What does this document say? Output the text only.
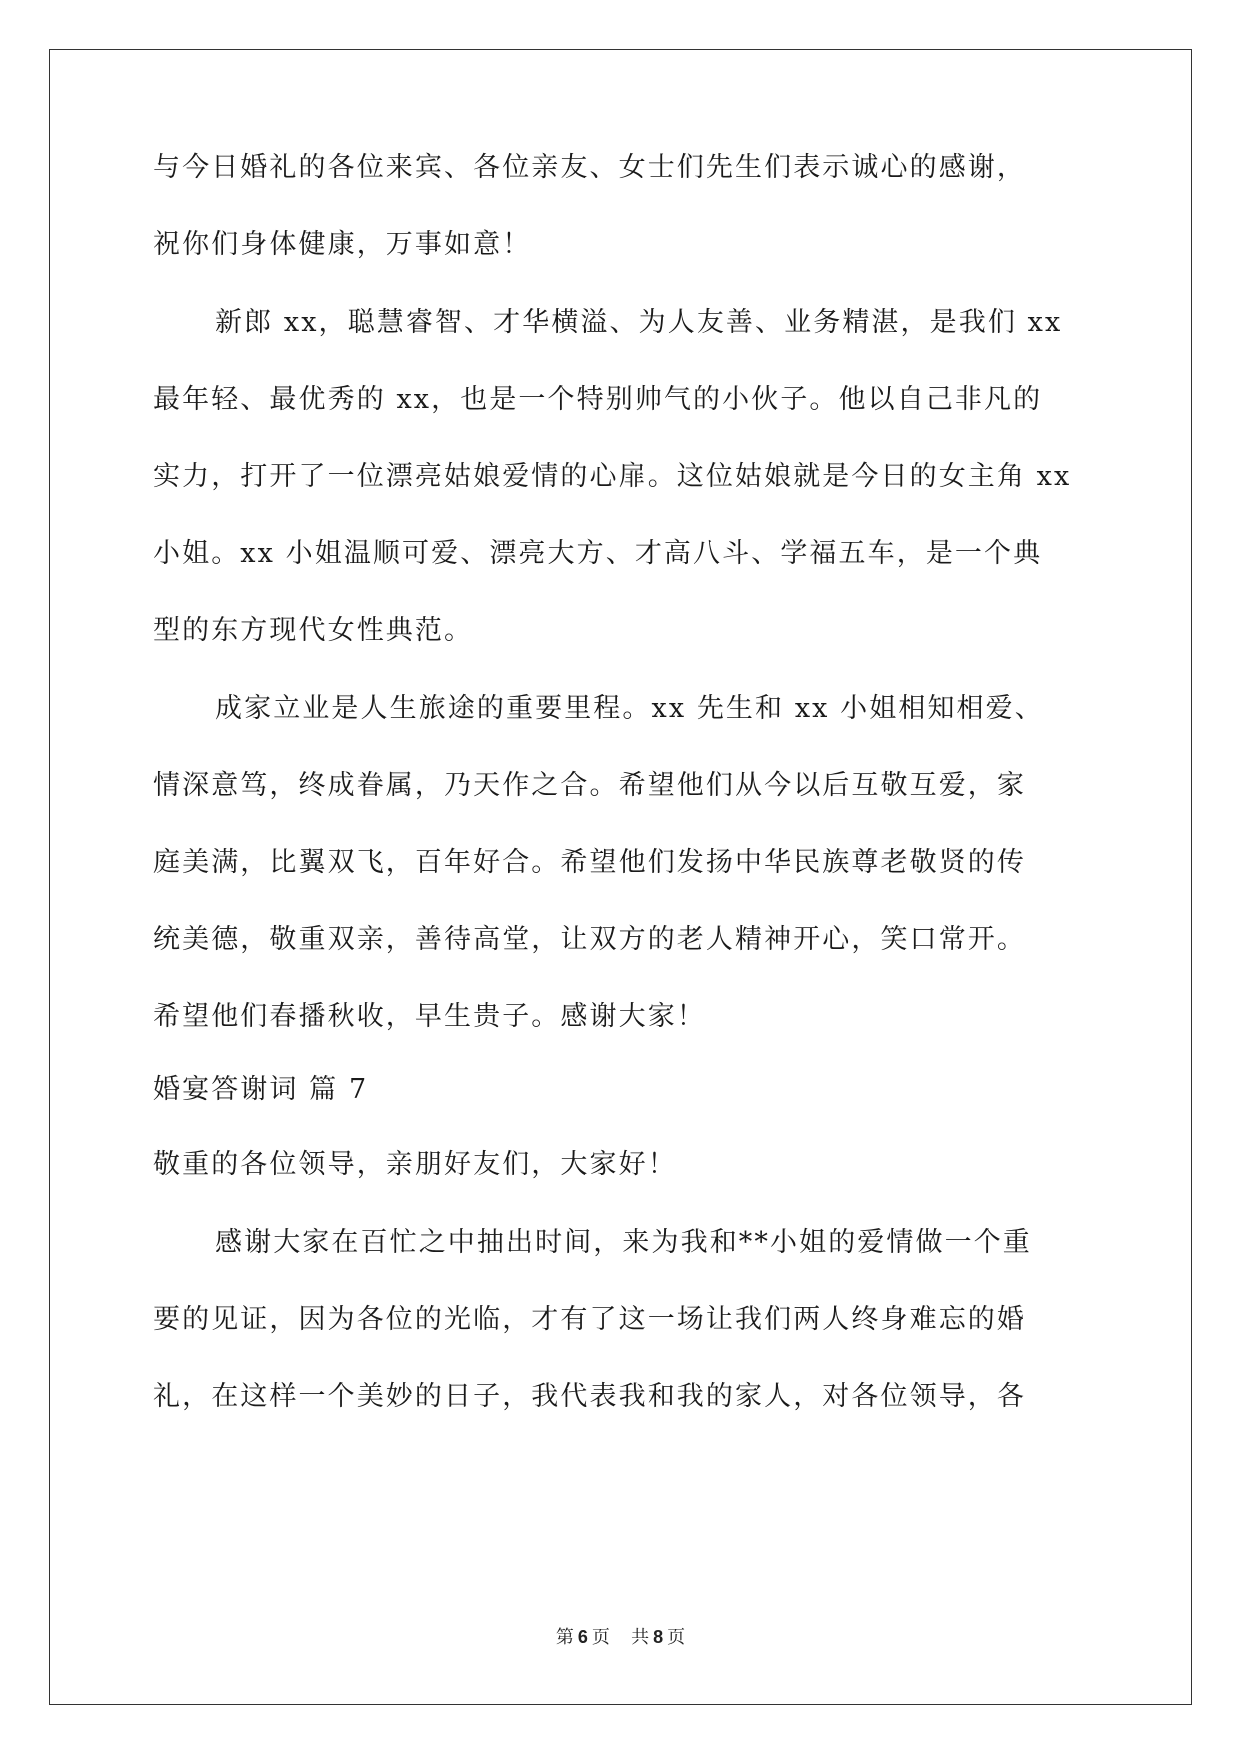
与今日婚礼的各位来宾、各位亲友、女士们先生们表示诚心的感谢，
祝你们身体健康，万事如意！
新郎 xx，聪慧睿智、才华横溢、为人友善、业务精湛，是我们 xx
最年轻、最优秀的 xx，也是一个特别帅气的小伙子。他以自己非凡的
实力，打开了一位漂亮姑娘爱情的心扉。这位姑娘就是今日的女主角 xx
小姐。xx 小姐温顺可爱、漂亮大方、才高八斗、学福五车，是一个典
型的东方现代女性典范。
成家立业是人生旅途的重要里程。xx 先生和 xx 小姐相知相爱、
情深意笃，终成眷属，乃天作之合。希望他们从今以后互敬互爱，家
庭美满，比翼双飞，百年好合。希望他们发扬中华民族尊老敬贤的传
统美德，敬重双亲，善待高堂，让双方的老人精神开心，笑口常开。
希望他们春播秋收，早生贵子。感谢大家！
婚宴答谢词 篇 7
敬重的各位领导，亲朋好友们，大家好！
感谢大家在百忙之中抽出时间，来为我和**小姐的爱情做一个重
要的见证，因为各位的光临，才有了这一场让我们两人终身难忘的婚
礼，在这样一个美妙的日子，我代表我和我的家人，对各位领导，各
第 6 页 共 8 页
